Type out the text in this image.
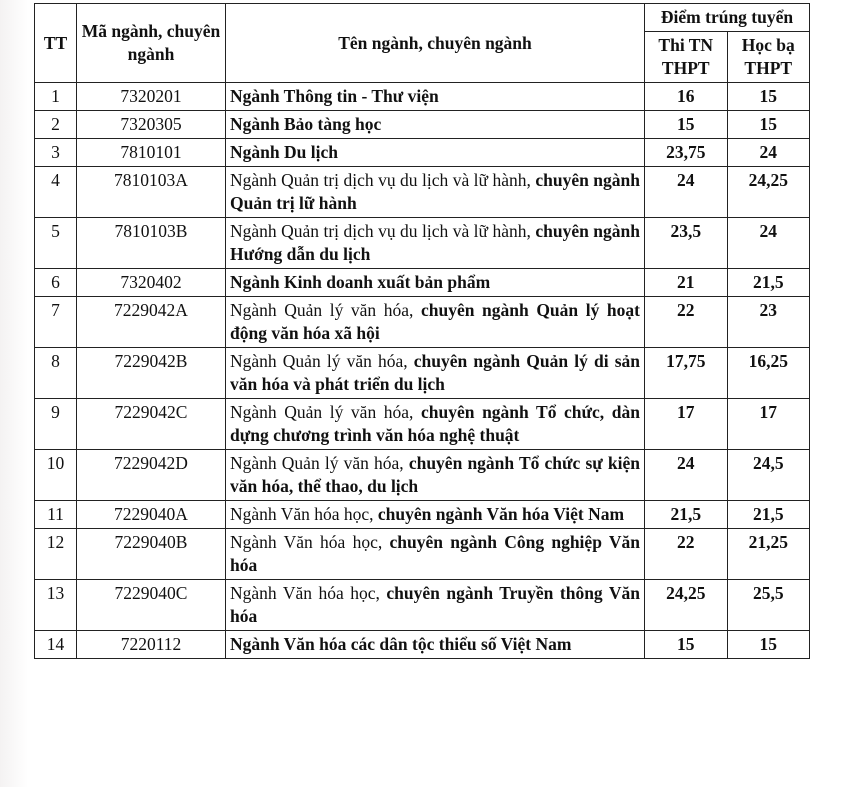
TT	Mã ngành, chuyên ngành	Tên ngành, chuyên ngành	Điểm trúng tuyển	
			Thi TN THPT	Học bạ THPT
1	7320201	Ngành Thông tin - Thư viện	16	15
2	7320305	Ngành Bảo tàng học	15	15
3	7810101	Ngành Du lịch	23,75	24
4	7810103A	Ngành Quản trị dịch vụ du lịch và lữ hành, chuyên ngành Quản trị lữ hành	24	24,25
5	7810103B	Ngành Quản trị dịch vụ du lịch và lữ hành, chuyên ngành Hướng dẫn du lịch	23,5	24
6	7320402	Ngành Kinh doanh xuất bản phẩm	21	21,5
7	7229042A	Ngành Quản lý văn hóa, chuyên ngành Quản lý hoạt động văn hóa xã hội	22	23
8	7229042B	Ngành Quản lý văn hóa, chuyên ngành Quản lý di sản văn hóa và phát triển du lịch	17,75	16,25
9	7229042C	Ngành Quản lý văn hóa, chuyên ngành Tổ chức, dàn dựng chương trình văn hóa nghệ thuật	17	17
10	7229042D	Ngành Quản lý văn hóa, chuyên ngành Tổ chức sự kiện văn hóa, thể thao, du lịch	24	24,5
11	7229040A	Ngành Văn hóa học, chuyên ngành Văn hóa Việt Nam	21,5	21,5
12	7229040B	Ngành Văn hóa học, chuyên ngành Công nghiệp Văn hóa	22	21,25
13	7229040C	Ngành Văn hóa học, chuyên ngành Truyền thông Văn hóa	24,25	25,5
14	7220112	Ngành Văn hóa các dân tộc thiểu số Việt Nam	15	15
